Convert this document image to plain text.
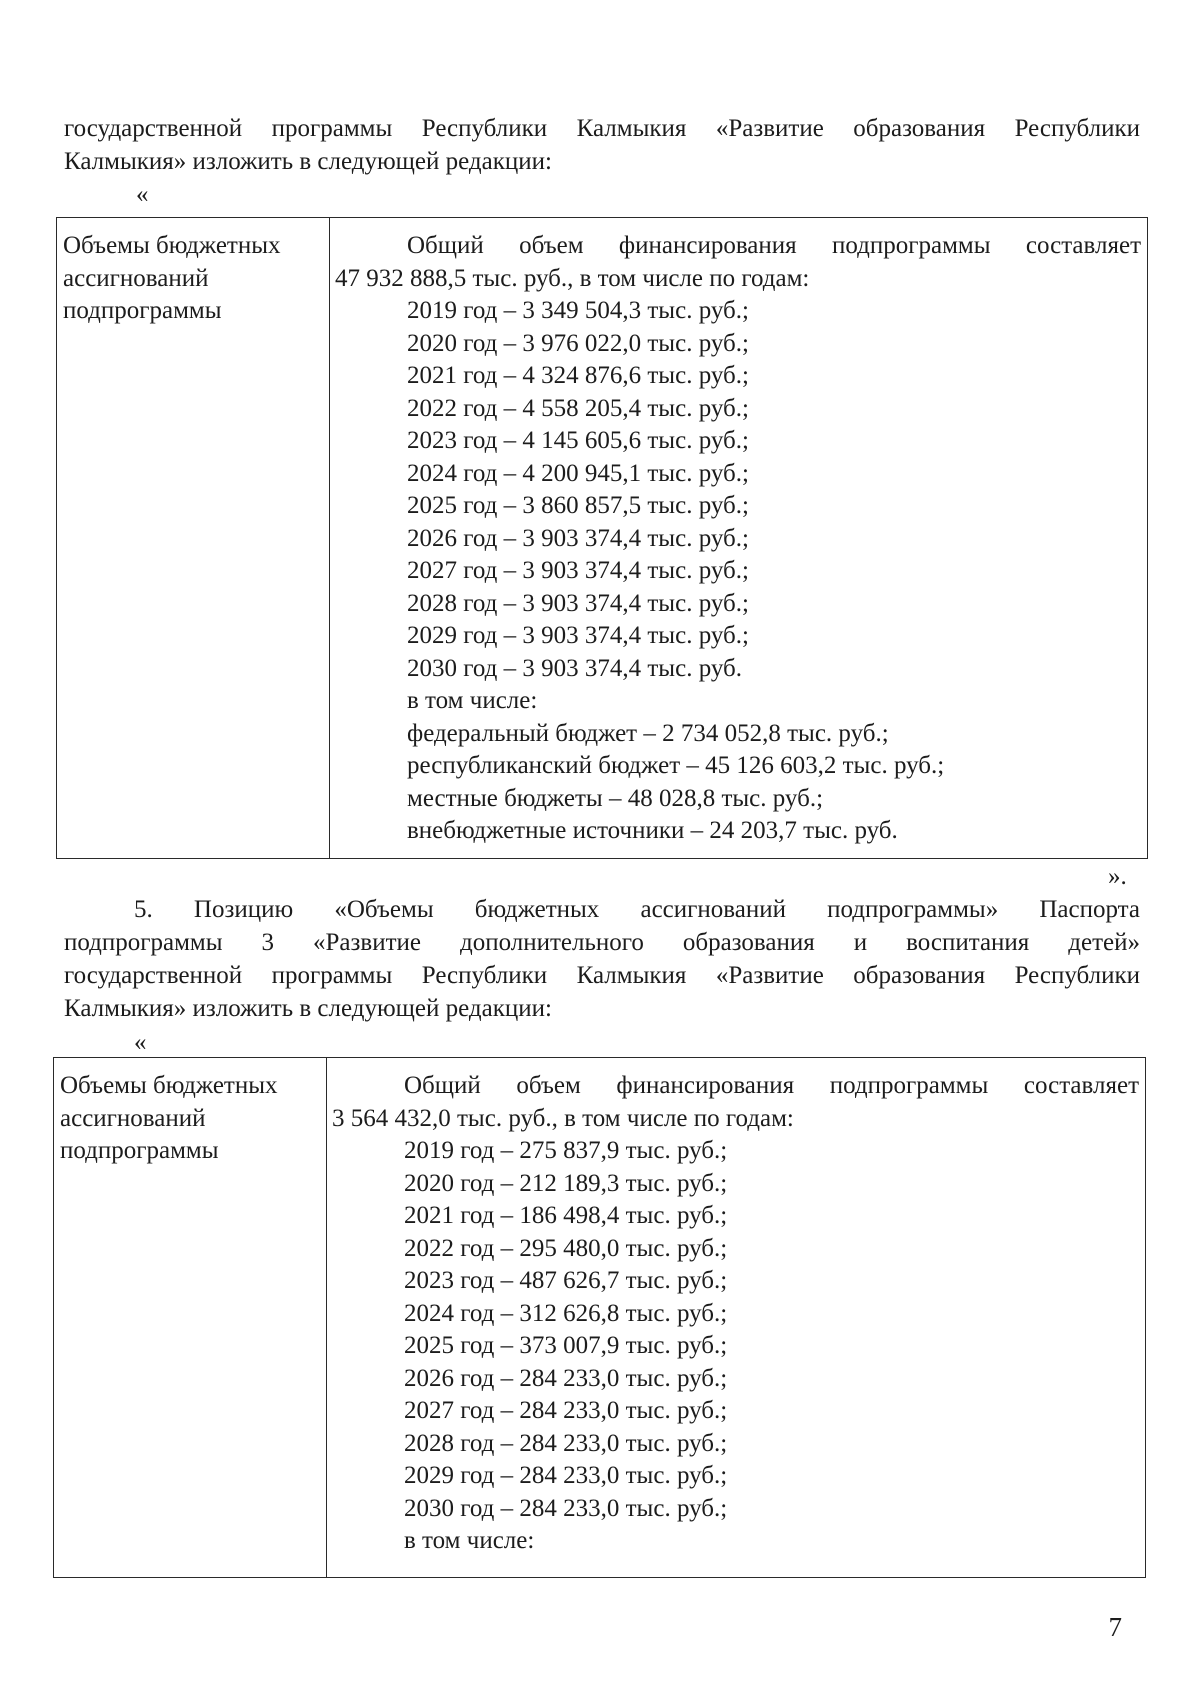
государственной программы Республики Калмыкия «Развитие образования Республики
Калмыкия» изложить в следующей редакции:
«
Объемы бюджетных
ассигнований
подпрограммы

Общий объем финансирования подпрограммы составляет
47 932 888,5 тыс. руб., в том числе по годам:
2019 год – 3 349 504,3 тыс. руб.;
2020 год – 3 976 022,0 тыс. руб.;
2021 год – 4 324 876,6 тыс. руб.;
2022 год – 4 558 205,4 тыс. руб.;
2023 год – 4 145 605,6 тыс. руб.;
2024 год – 4 200 945,1 тыс. руб.;
2025 год – 3 860 857,5 тыс. руб.;
2026 год – 3 903 374,4 тыс. руб.;
2027 год – 3 903 374,4 тыс. руб.;
2028 год – 3 903 374,4 тыс. руб.;
2029 год – 3 903 374,4 тыс. руб.;
2030 год – 3 903 374,4 тыс. руб.
в том числе:
федеральный бюджет – 2 734 052,8 тыс. руб.;
республиканский бюджет – 45 126 603,2 тыс. руб.;
местные бюджеты – 48 028,8 тыс. руб.;
внебюджетные источники – 24 203,7 тыс. руб.
».
5. Позицию «Объемы бюджетных ассигнований подпрограммы» Паспорта
подпрограммы 3 «Развитие дополнительного образования и воспитания детей»
государственной программы Республики Калмыкия «Развитие образования Республики
Калмыкия» изложить в следующей редакции:
«
Объемы бюджетных
ассигнований
подпрограммы

Общий объем финансирования подпрограммы составляет
3 564 432,0 тыс. руб., в том числе по годам:
2019 год – 275 837,9 тыс. руб.;
2020 год – 212 189,3 тыс. руб.;
2021 год – 186 498,4 тыс. руб.;
2022 год – 295 480,0 тыс. руб.;
2023 год – 487 626,7 тыс. руб.;
2024 год – 312 626,8 тыс. руб.;
2025 год – 373 007,9 тыс. руб.;
2026 год – 284 233,0 тыс. руб.;
2027 год – 284 233,0 тыс. руб.;
2028 год – 284 233,0 тыс. руб.;
2029 год – 284 233,0 тыс. руб.;
2030 год – 284 233,0 тыс. руб.;
в том числе:
7
